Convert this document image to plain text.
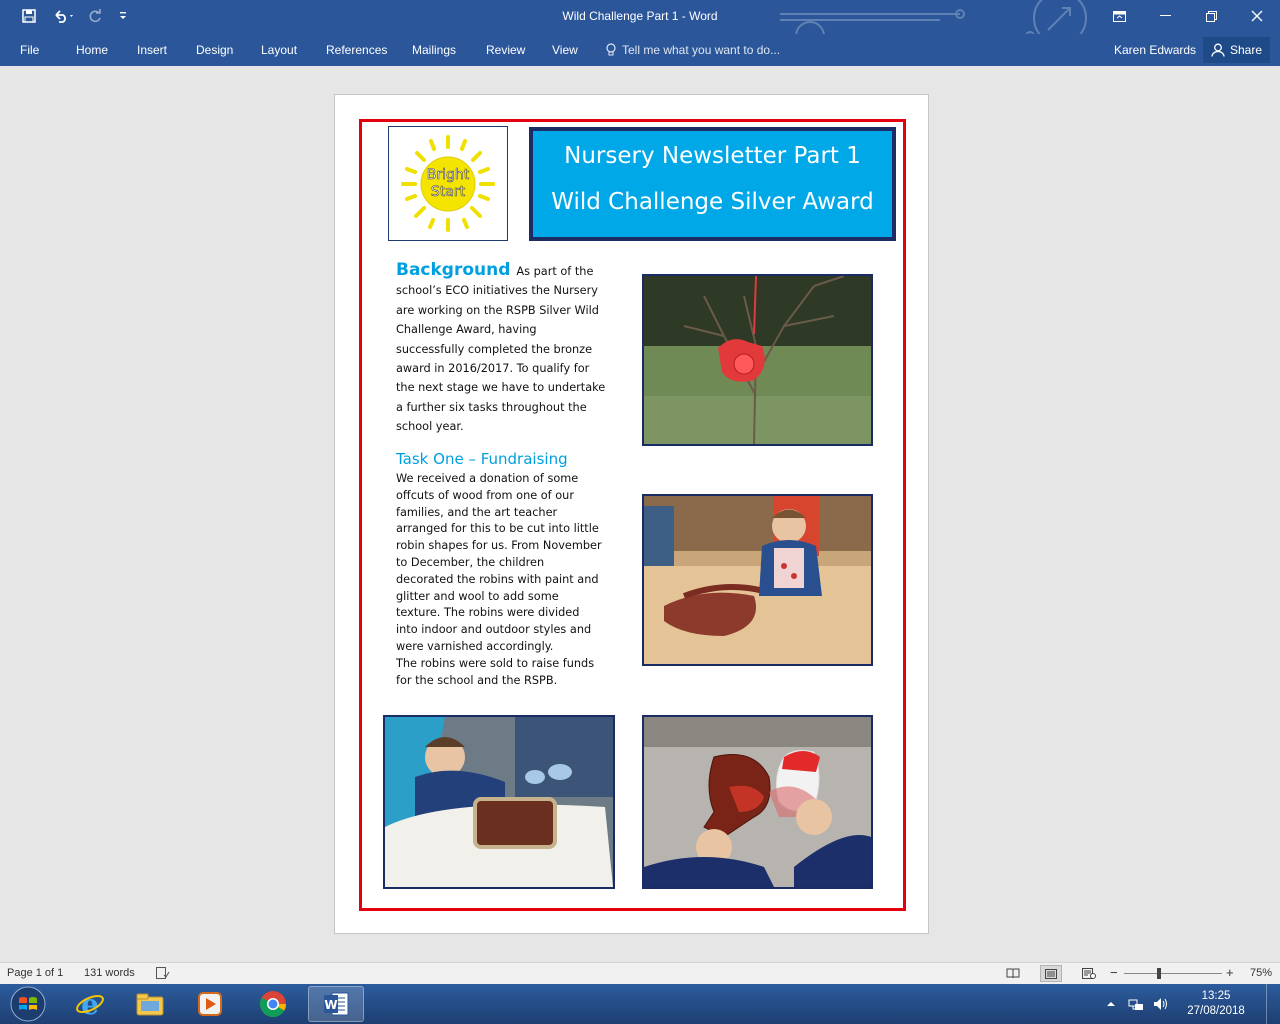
Wild Challenge Part 1 - Word
File	Home Insert Design Layout References Mailings Review View	Tell me what you want to do...	Karen Edwards	Share
Bright
Start
Nursery Newsletter Part 1
Wild Challenge Silver Award
Background As part of the school’s ECO initiatives the Nursery are working on the RSPB Silver Wild Challenge Award, having successfully completed the bronze award in 2016/2017. To qualify for the next stage we have to undertake a further six tasks throughout the school year.
Task One – Fundraising
We received a donation of some offcuts of wood from one of our families, and the art teacher arranged for this to be cut into little robin shapes for us. From November to December, the children decorated the robins with paint and glitter and wool to add some texture. The robins were divided into indoor and outdoor styles and were varnished accordingly.
The robins were sold to raise funds for the school and the RSPB.
Page 1 of 1 131 words	−	+ 75%
e	W
13:25
27/08/2018
